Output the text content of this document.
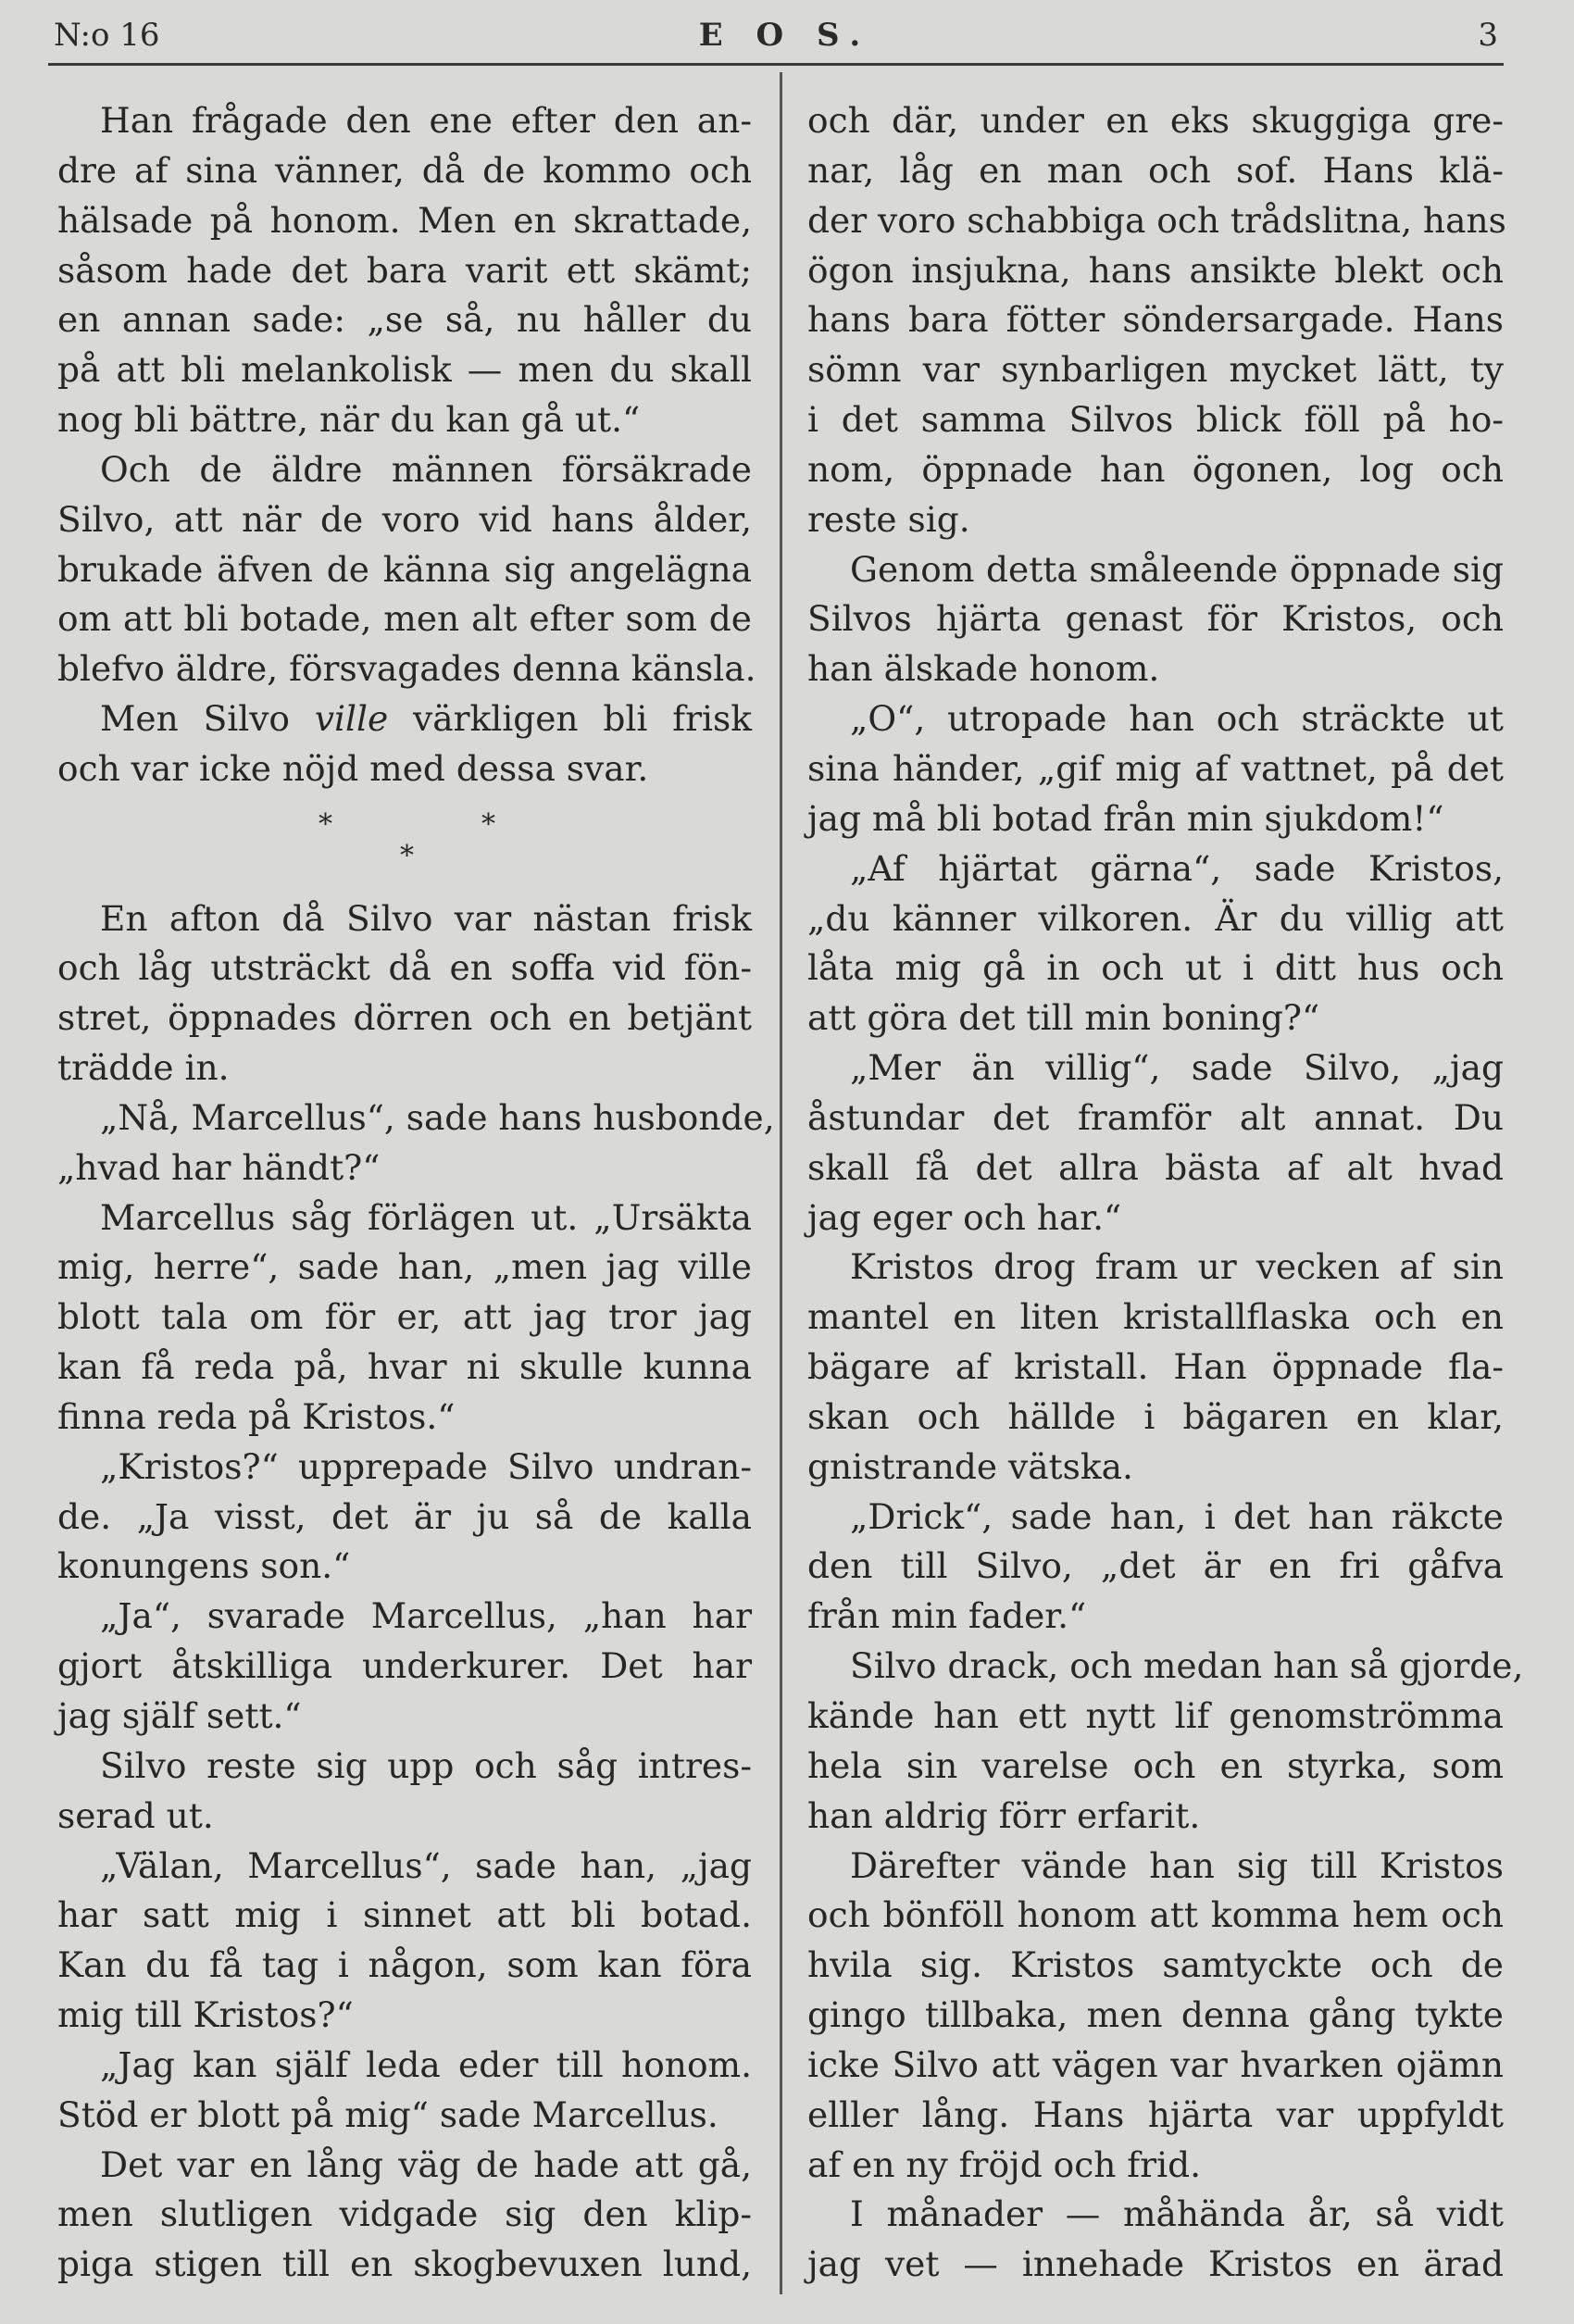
N:o 16	E O S.	3
Han frågade den ene efter den an-
dre af sina vänner, då de kommo och
hälsade på honom. Men en skrattade,
såsom hade det bara varit ett skämt;
en annan sade: „se så, nu håller du
på att bli melankolisk — men du skall
nog bli bättre, när du kan gå ut.“
Och de äldre männen försäkrade
Silvo, att när de voro vid hans ålder,
brukade äfven de känna sig angelägna
om att bli botade, men alt efter som de
blefvo äldre, försvagades denna känsla.
Men Silvo ville värkligen bli frisk
och var icke nöjd med dessa svar.
*
*
*
En afton då Silvo var nästan frisk
och låg utsträckt då en soffa vid fön-
stret, öppnades dörren och en betjänt
trädde in.
„Nå, Marcellus“, sade hans husbonde,
„hvad har händt?“
Marcellus såg förlägen ut. „Ursäkta
mig, herre“, sade han, „men jag ville
blott tala om för er, att jag tror jag
kan få reda på, hvar ni skulle kunna
finna reda på Kristos.“
„Kristos?“ upprepade Silvo undran-
de. „Ja visst, det är ju så de kalla
konungens son.“
„Ja“, svarade Marcellus, „han har
gjort åtskilliga underkurer. Det har
jag själf sett.“
Silvo reste sig upp och såg intres-
serad ut.
„Välan, Marcellus“, sade han, „jag
har satt mig i sinnet att bli botad.
Kan du få tag i någon, som kan föra
mig till Kristos?“
„Jag kan själf leda eder till honom.
Stöd er blott på mig“ sade Marcellus.
Det var en lång väg de hade att gå,
men slutligen vidgade sig den klip-
piga stigen till en skogbevuxen lund,
och där, under en eks skuggiga gre-
nar, låg en man och sof. Hans klä-
der voro schabbiga och trådslitna, hans
ögon insjukna, hans ansikte blekt och
hans bara fötter söndersargade. Hans
sömn var synbarligen mycket lätt, ty
i det samma Silvos blick föll på ho-
nom, öppnade han ögonen, log och
reste sig.
Genom detta småleende öppnade sig
Silvos hjärta genast för Kristos, och
han älskade honom.
„O“, utropade han och sträckte ut
sina händer, „gif mig af vattnet, på det
jag må bli botad från min sjukdom!“
„Af hjärtat gärna“, sade Kristos,
„du känner vilkoren. Är du villig att
låta mig gå in och ut i ditt hus och
att göra det till min boning?“
„Mer än villig“, sade Silvo, „jag
åstundar det framför alt annat. Du
skall få det allra bästa af alt hvad
jag eger och har.“
Kristos drog fram ur vecken af sin
mantel en liten kristallflaska och en
bägare af kristall. Han öppnade fla-
skan och hällde i bägaren en klar,
gnistrande vätska.
„Drick“, sade han, i det han räkcte
den till Silvo, „det är en fri gåfva
från min fader.“
Silvo drack, och medan han så gjorde,
kände han ett nytt lif genomströmma
hela sin varelse och en styrka, som
han aldrig förr erfarit.
Därefter vände han sig till Kristos
och bönföll honom att komma hem och
hvila sig. Kristos samtyckte och de
gingo tillbaka, men denna gång tykte
icke Silvo att vägen var hvarken ojämn
elller lång. Hans hjärta var uppfyldt
af en ny fröjd och frid.
I månader — måhända år, så vidt
jag vet — innehade Kristos en ärad
